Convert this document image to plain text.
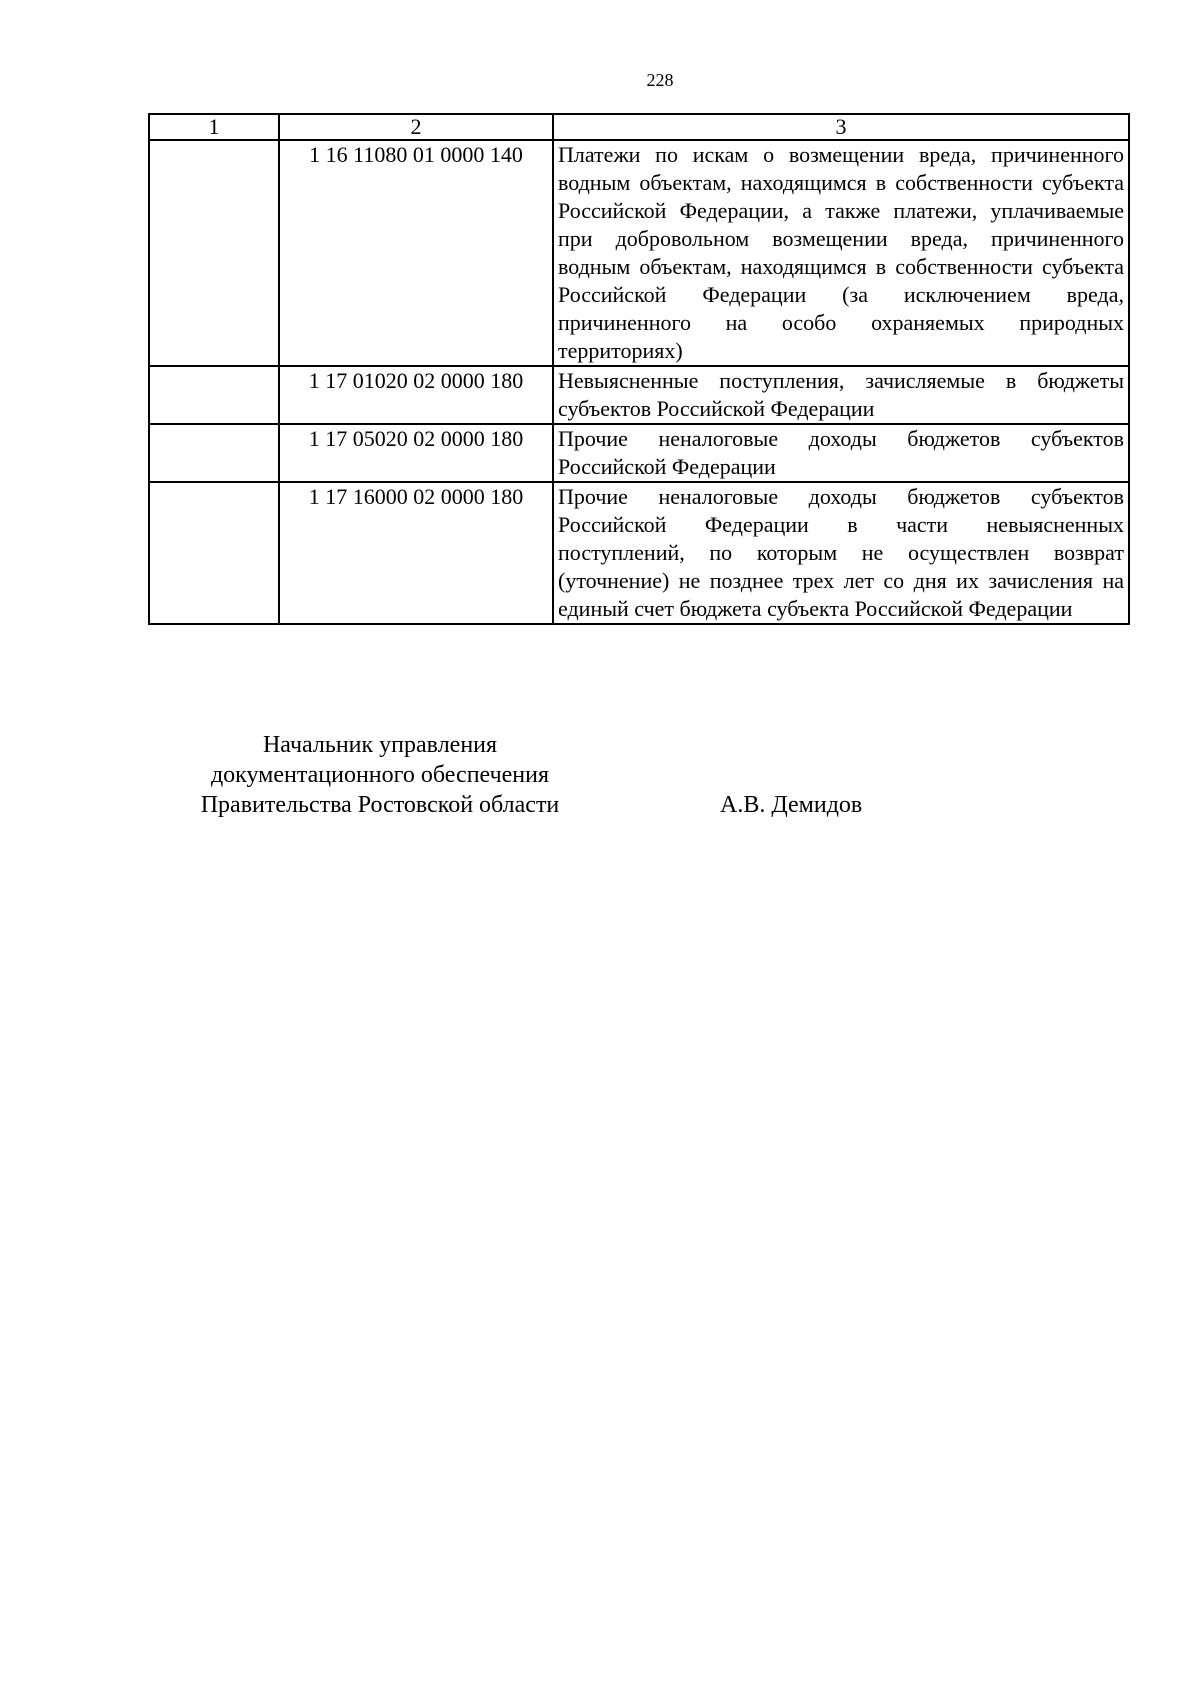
228
1	2	3
	1 16 11080 01 0000 140	Платежи по искам о возмещении вреда, причиненного водным объектам, находящимся в собственности субъекта Российской Федерации, а также платежи, уплачиваемые при добровольном возмещении вреда, причиненного водным объектам, находящимся в собственности субъекта Российской Федерации (за исключением вреда, причиненного на особо охраняемых природных территориях)
	1 17 01020 02 0000 180	Невыясненные поступления, зачисляемые в бюджеты субъектов Российской Федерации
	1 17 05020 02 0000 180	Прочие неналоговые доходы бюджетов субъектов Российской Федерации
	1 17 16000 02 0000 180	Прочие неналоговые доходы бюджетов субъектов Российской Федерации в части невыясненных поступлений, по которым не осуществлен возврат (уточнение) не позднее трех лет со дня их зачисления на единый счет бюджета субъекта Российской Федерации
Начальник управления
документационного обеспечения
Правительства Ростовской области	А.В. Демидов
